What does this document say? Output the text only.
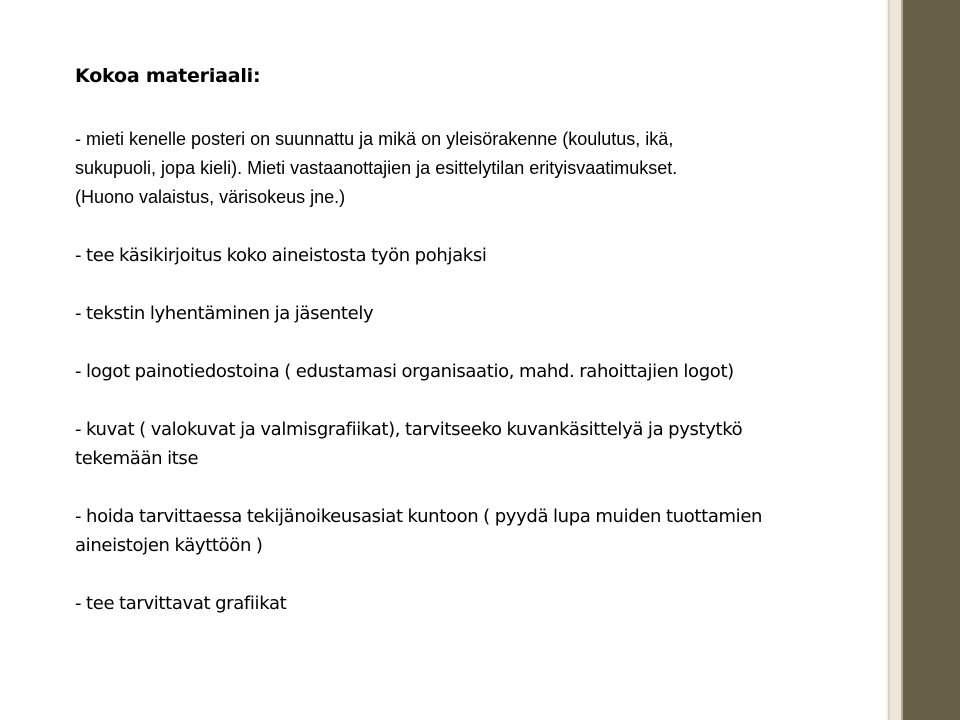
Kokoa materiaali:
- mieti kenelle posteri on suunnattu ja mikä on yleisörakenne (koulutus, ikä,
sukupuoli, jopa kieli). Mieti vastaanottajien ja esittelytilan erityisvaatimukset.
(Huono valaistus, värisokeus jne.)
- tee käsikirjoitus koko aineistosta työn pohjaksi
- tekstin lyhentäminen ja jäsentely
- logot painotiedostoina ( edustamasi organisaatio, mahd. rahoittajien logot)
- kuvat ( valokuvat ja valmisgrafiikat), tarvitseeko kuvankäsittelyä ja pystytkö
tekemään itse
- hoida tarvittaessa tekijänoikeusasiat kuntoon ( pyydä lupa muiden tuottamien
aineistojen käyttöön )
- tee tarvittavat grafiikat
